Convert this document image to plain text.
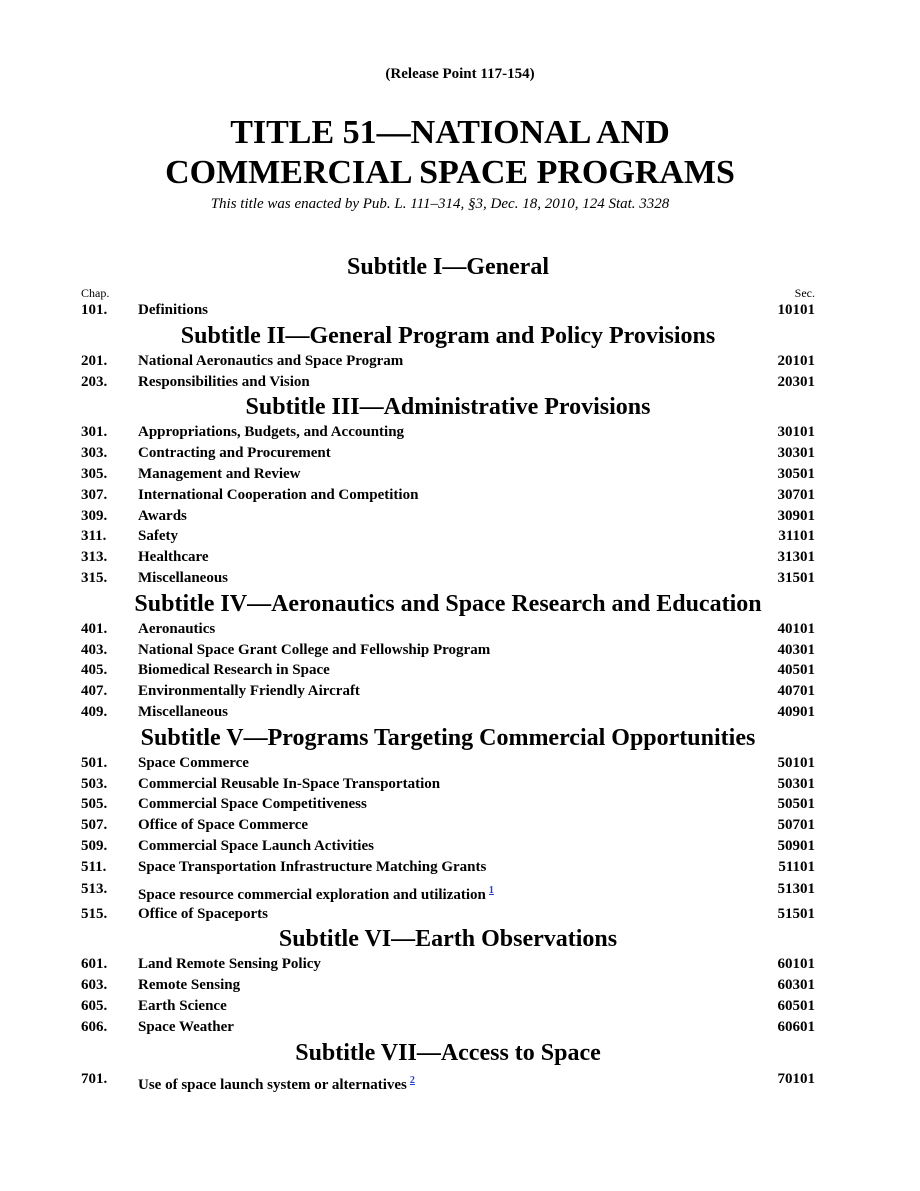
(Release Point 117-154)
TITLE 51—NATIONAL AND
COMMERCIAL SPACE PROGRAMS
This title was enacted by Pub. L. 111–314, §3, Dec. 18, 2010, 124 Stat. 3328
Subtitle I—General
Chap.	Sec.
101.	Definitions	10101
Subtitle II—General Program and Policy Provisions
201.	National Aeronautics and Space Program	20101
203.	Responsibilities and Vision	20301
Subtitle III—Administrative Provisions
301.	Appropriations, Budgets, and Accounting	30101
303.	Contracting and Procurement	30301
305.	Management and Review	30501
307.	International Cooperation and Competition	30701
309.	Awards	30901
311.	Safety	31101
313.	Healthcare	31301
315.	Miscellaneous	31501
Subtitle IV—Aeronautics and Space Research and Education
401.	Aeronautics	40101
403.	National Space Grant College and Fellowship Program	40301
405.	Biomedical Research in Space	40501
407.	Environmentally Friendly Aircraft	40701
409.	Miscellaneous	40901
Subtitle V—Programs Targeting Commercial Opportunities
501.	Space Commerce	50101
503.	Commercial Reusable In-Space Transportation	50301
505.	Commercial Space Competitiveness	50501
507.	Office of Space Commerce	50701
509.	Commercial Space Launch Activities	50901
511.	Space Transportation Infrastructure Matching Grants	51101
513.	Space resource commercial exploration and utilization $^1$	51301
515.	Office of Spaceports	51501
Subtitle VI—Earth Observations
601.	Land Remote Sensing Policy	60101
603.	Remote Sensing	60301
605.	Earth Science	60501
606.	Space Weather	60601
Subtitle VII—Access to Space
701.	Use of space launch system or alternatives $^2$	70101
